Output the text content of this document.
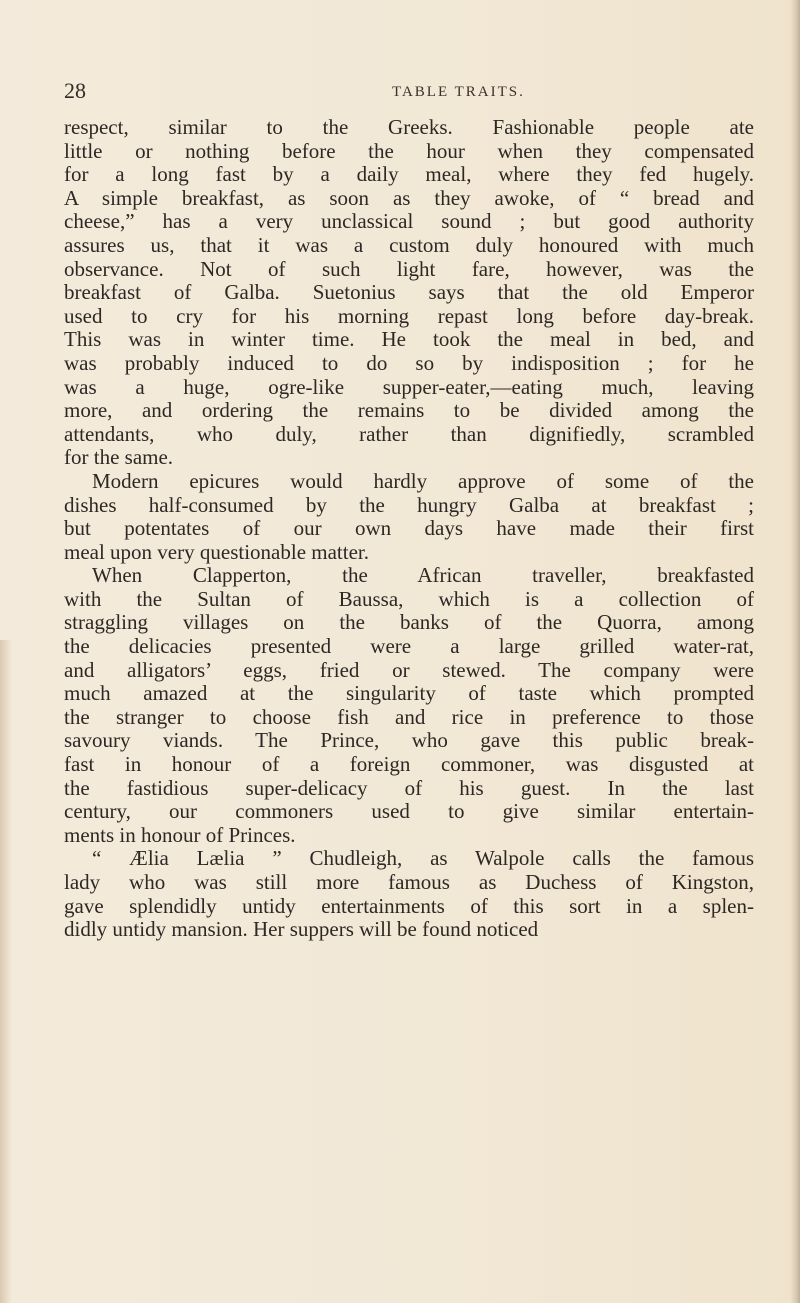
28	TABLE TRAITS.

respect, similar to the Greeks. Fashionable people ate

little or nothing before the hour when they compensated

for a long fast by a daily meal, where they fed hugely.

A simple breakfast, as soon as they awoke, of “ bread and

cheese,” has a very unclassical sound ; but good authority

assures us, that it was a custom duly honoured with much

observance. Not of such light fare, however, was the

breakfast of Galba. Suetonius says that the old Emperor

used to cry for his morning repast long before day-break.

This was in winter time. He took the meal in bed, and

was probably induced to do so by indisposition ; for he

was a huge, ogre-like supper-eater,—eating much, leaving

more, and ordering the remains to be divided among the

attendants, who duly, rather than dignifiedly, scrambled

for the same.

Modern epicures would hardly approve of some of the

dishes half-consumed by the hungry Galba at breakfast ;

but potentates of our own days have made their first

meal upon very questionable matter.

When Clapperton, the African traveller, breakfasted

with the Sultan of Baussa, which is a collection of

straggling villages on the banks of the Quorra, among

the delicacies presented were a large grilled water-rat,

and alligators’ eggs, fried or stewed. The company were

much amazed at the singularity of taste which prompted

the stranger to choose fish and rice in preference to those

savoury viands. The Prince, who gave this public break-

fast in honour of a foreign commoner, was disgusted at

the fastidious super-delicacy of his guest. In the last

century, our commoners used to give similar entertain-

ments in honour of Princes.

“ Ælia Lælia ” Chudleigh, as Walpole calls the famous

lady who was still more famous as Duchess of Kingston,

gave splendidly untidy entertainments of this sort in a splen-

didly untidy mansion. Her suppers will be found noticed
